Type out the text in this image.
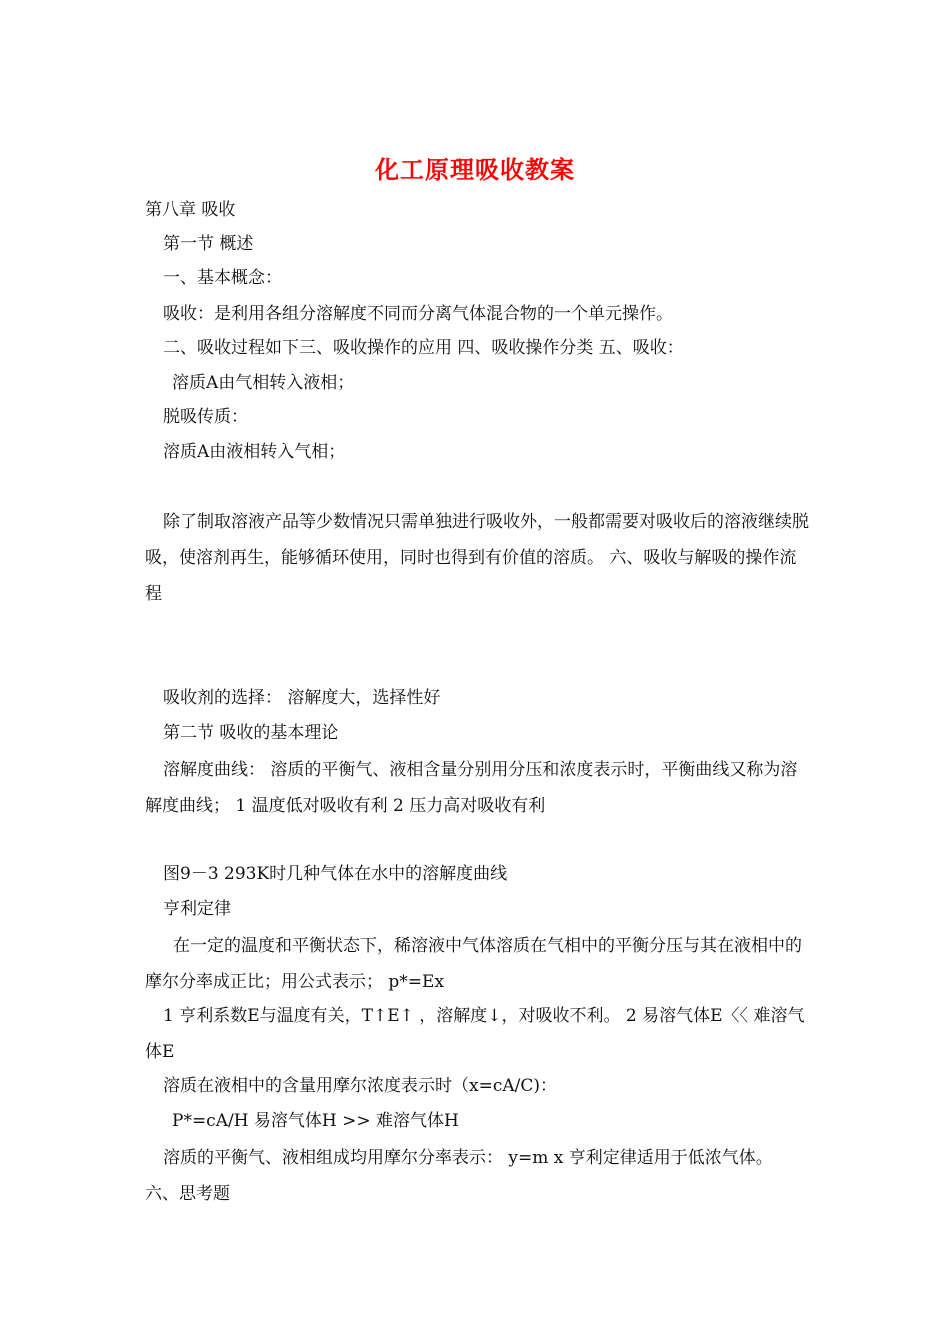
化工原理吸收教案
第八章 吸收
第一节 概述
一、基本概念：
吸收：是利用各组分溶解度不同而分离气体混合物的一个单元操作。
二、吸收过程如下三、吸收操作的应用 四、吸收操作分类 五、吸收：
溶质A由气相转入液相；
脱吸传质：
溶质A由液相转入气相；
除了制取溶液产品等少数情况只需单独进行吸收外，一般都需要对吸收后的溶液继续脱吸，使溶剂再生，能够循环使用，同时也得到有价值的溶质。 六、吸收与解吸的操作流程
吸收剂的选择： 溶解度大，选择性好
第二节 吸收的基本理论
溶解度曲线： 溶质的平衡气、液相含量分别用分压和浓度表示时，平衡曲线又称为溶解度曲线； 1 温度低对吸收有利 2 压力高对吸收有利
图9－3 293K时几种气体在水中的溶解度曲线
亨利定律
在一定的温度和平衡状态下，稀溶液中气体溶质在气相中的平衡分压与其在液相中的摩尔分率成正比；用公式表示； p*=Ex
1 亨利系数E与温度有关，T↑E↑ ，溶解度↓，对吸收不利。 2 易溶气体E〈〈 难溶气体E
溶质在液相中的含量用摩尔浓度表示时（x=cA/C)：
P*=cA/H 易溶气体H >> 难溶气体H
溶质的平衡气、液相组成均用摩尔分率表示： y=m x 亨利定律适用于低浓气体。 六、思考题
